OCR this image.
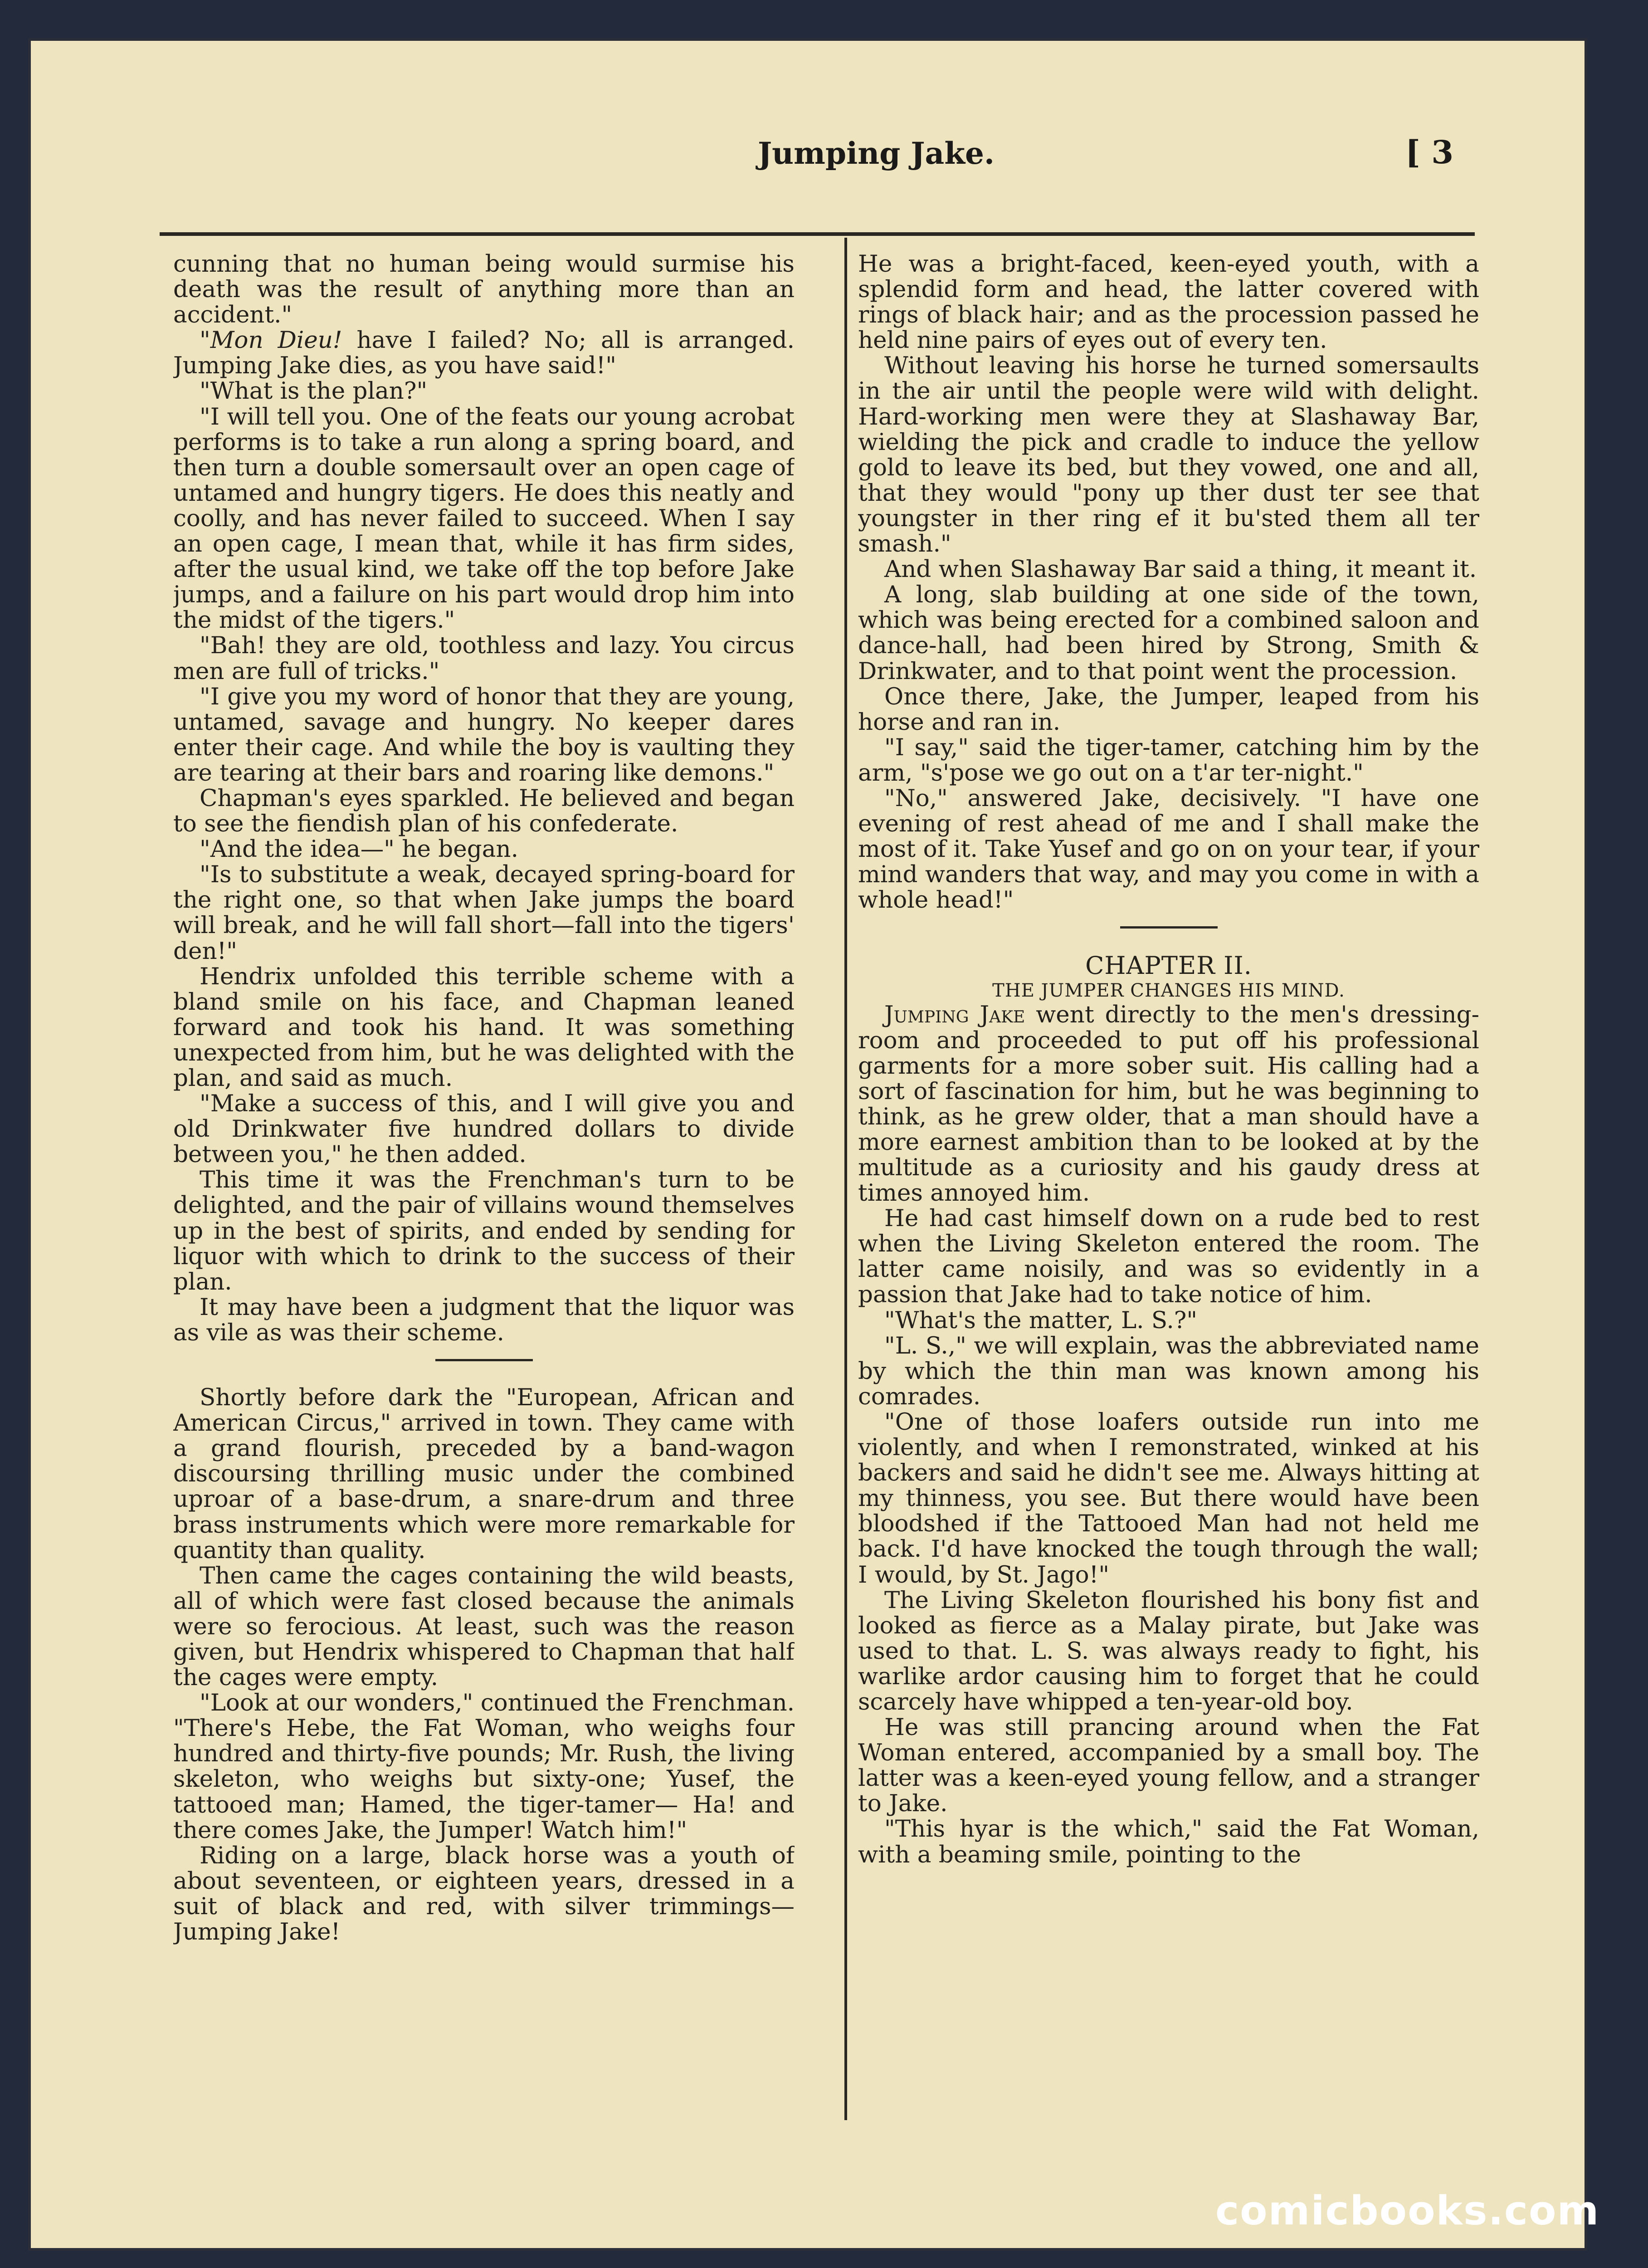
Jumping Jake.	[ 3

cunning that no human being would surmise his death was the result of anything more than an accident."

"Mon Dieu! have I failed? No; all is arranged. Jumping Jake dies, as you have said!"

"What is the plan?"

"I will tell you. One of the feats our young acrobat performs is to take a run along a spring board, and then turn a double somersault over an open cage of untamed and hungry tigers. He does this neatly and coolly, and has never failed to succeed. When I say an open cage, I mean that, while it has firm sides, after the usual kind, we take off the top before Jake jumps, and a failure on his part would drop him into the midst of the tigers."

"Bah! they are old, toothless and lazy. You circus men are full of tricks."

"I give you my word of honor that they are young, untamed, savage and hungry. No keeper dares enter their cage. And while the boy is vaulting they are tearing at their bars and roaring like demons."

Chapman's eyes sparkled. He believed and began to see the fiendish plan of his confederate.

"And the idea—" he began.

"Is to substitute a weak, decayed spring-board for the right one, so that when Jake jumps the board will break, and he will fall short—fall into the tigers' den!"

Hendrix unfolded this terrible scheme with a bland smile on his face, and Chapman leaned forward and took his hand. It was something unexpected from him, but he was delighted with the plan, and said as much.

"Make a success of this, and I will give you and old Drinkwater five hundred dollars to divide between you," he then added.

This time it was the Frenchman's turn to be delighted, and the pair of villains wound themselves up in the best of spirits, and ended by sending for liquor with which to drink to the success of their plan.

It may have been a judgment that the liquor was as vile as was their scheme.

Shortly before dark the "European, African and American Circus," arrived in town. They came with a grand flourish, preceded by a band-wagon discoursing thrilling music under the combined uproar of a base-drum, a snare-drum and three brass instruments which were more remarkable for quantity than quality.

Then came the cages containing the wild beasts, all of which were fast closed because the animals were so ferocious. At least, such was the reason given, but Hendrix whispered to Chapman that half the cages were empty.

"Look at our wonders," continued the Frenchman. "There's Hebe, the Fat Woman, who weighs four hundred and thirty-five pounds; Mr. Rush, the living skeleton, who weighs but sixty-one; Yusef, the tattooed man; Hamed, the tiger-tamer— Ha! and there comes Jake, the Jumper! Watch him!"

Riding on a large, black horse was a youth of about seventeen, or eighteen years, dressed in a suit of black and red, with silver trimmings—Jumping Jake!

He was a bright-faced, keen-eyed youth, with a splendid form and head, the latter covered with rings of black hair; and as the procession passed he held nine pairs of eyes out of every ten.

Without leaving his horse he turned somersaults in the air until the people were wild with delight. Hard-working men were they at Slashaway Bar, wielding the pick and cradle to induce the yellow gold to leave its bed, but they vowed, one and all, that they would "pony up ther dust ter see that youngster in ther ring ef it bu'sted them all ter smash."

And when Slashaway Bar said a thing, it meant it.

A long, slab building at one side of the town, which was being erected for a combined saloon and dance-hall, had been hired by Strong, Smith & Drinkwater, and to that point went the procession.

Once there, Jake, the Jumper, leaped from his horse and ran in.

"I say," said the tiger-tamer, catching him by the arm, "s'pose we go out on a t'ar ter-night."

"No," answered Jake, decisively. "I have one evening of rest ahead of me and I shall make the most of it. Take Yusef and go on on your tear, if your mind wanders that way, and may you come in with a whole head!"

CHAPTER II.

THE JUMPER CHANGES HIS MIND.

Jumping Jake went directly to the men's dressing-room and proceeded to put off his professional garments for a more sober suit. His calling had a sort of fascination for him, but he was beginning to think, as he grew older, that a man should have a more earnest ambition than to be looked at by the multitude as a curiosity and his gaudy dress at times annoyed him.

He had cast himself down on a rude bed to rest when the Living Skeleton entered the room. The latter came noisily, and was so evidently in a passion that Jake had to take notice of him.

"What's the matter, L. S.?"

"L. S.," we will explain, was the abbreviated name by which the thin man was known among his comrades.

"One of those loafers outside run into me violently, and when I remonstrated, winked at his backers and said he didn't see me. Always hitting at my thinness, you see. But there would have been bloodshed if the Tattooed Man had not held me back. I'd have knocked the tough through the wall; I would, by St. Jago!"

The Living Skeleton flourished his bony fist and looked as fierce as a Malay pirate, but Jake was used to that. L. S. was always ready to fight, his warlike ardor causing him to forget that he could scarcely have whipped a ten-year-old boy.

He was still prancing around when the Fat Woman entered, accompanied by a small boy. The latter was a keen-eyed young fellow, and a stranger to Jake.

"This hyar is the which," said the Fat Woman, with a beaming smile, pointing to the

comicbooks.com
